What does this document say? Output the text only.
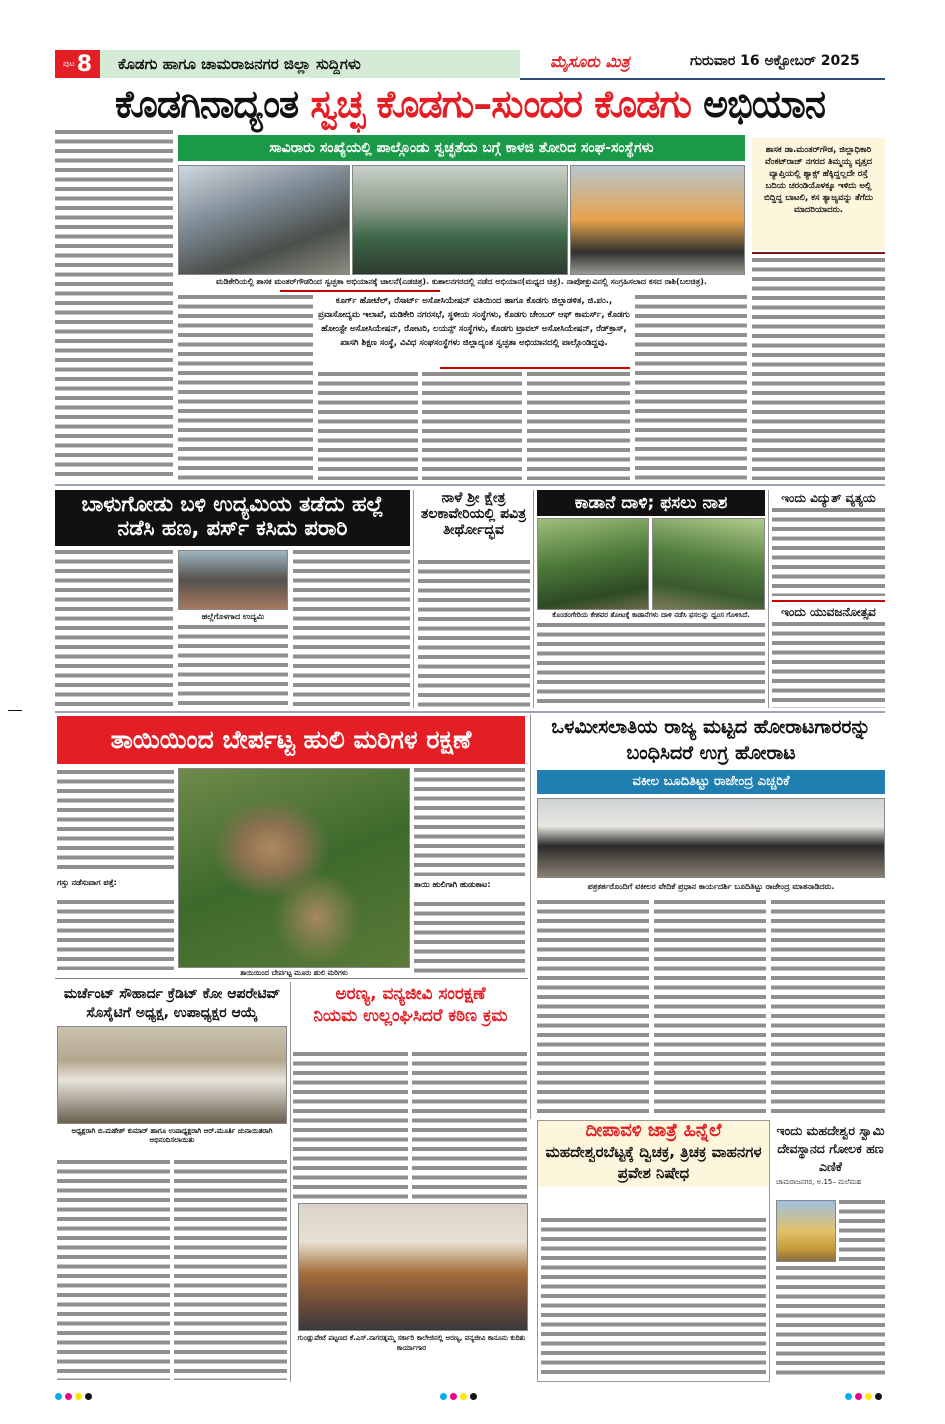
ಪುಟ 8	ಕೊಡಗು ಹಾಗೂ ಚಾಮರಾಜನಗರ ಜಿಲ್ಲಾ ಸುದ್ದಿಗಳು	ಮೈಸೂರು ಮಿತ್ರ	ಗುರುವಾರ 16 ಅಕ್ಟೋಬರ್ 2025
ಕೊಡಗಿನಾದ್ಯಂತ ಸ್ವಚ್ಛ ಕೊಡಗು–ಸುಂದರ ಕೊಡಗು ಅಭಿಯಾನ
ಸಾವಿರಾರು ಸಂಖ್ಯೆಯಲ್ಲಿ ಪಾಲ್ಗೊಂಡು ಸ್ವಚ್ಛತೆಯ ಬಗ್ಗೆ ಕಾಳಜಿ ತೋರಿದ ಸಂಘ-ಸಂಸ್ಥೆಗಳು
ಮಡಿಕೇರಿಯಲ್ಲಿ ಶಾಸಕ ಮಂತರ್‌ಗೌಡರಿಂದ ಸ್ವಚ್ಛತಾ ಅಭಿಯಾನಕ್ಕೆ ಚಾಲನೆ(ಎಡಚಿತ್ರ). ಕುಶಾಲನಗರದಲ್ಲಿ ನಡೆದ ಅಭಿಯಾನ(ಮಧ್ಯದ ಚಿತ್ರ). ನಾಪೋಕ್ಲುವಿನಲ್ಲಿ ಸಂಗ್ರಹಿಸಲಾದ ಕಸದ ರಾಶಿ(ಬಲಚಿತ್ರ).
ಶಾಸಕ ಡಾ.ಮಂತರ್‌ಗೌಡ, ಜಿಲ್ಲಾಧಿಕಾರಿ ವೆಂಕಟ್‌ರಾಜ್ ನಗರದ ತಿಮ್ಮಯ್ಯ ವೃತ್ತದ ವ್ಯಾಪ್ತಿಯಲ್ಲಿ ಶ್ಯಾಕ್ಸ್ ಹೆಕ್ಕಿದ್ದಲ್ಲದೇ ರಸ್ತೆ ಬದಿಯ ಚರಂಡಿಯೊಳಕ್ಕೂ ಇಳಿದು ಅಲ್ಲಿ ಬಿದ್ದಿದ್ದ ಬಾಟಲಿ, ಕಸ ತ್ಯಾಜ್ಯವನ್ನು ತೆಗೆದು ಮಾದರಿಯಾದರು.
ಕೂರ್ಗ್ ಹೋಟೆಲ್, ರೆಸಾರ್ಟ್ ಅಸೋಸಿಯೇಷನ್ ವತಿಯಿಂದ ಹಾಗೂ ಕೊಡಗು ಜಿಲ್ಲಾಡಳಿತ, ಜಿ.ಪಂ., ಪ್ರವಾಸೋದ್ಯಮ ಇಲಾಖೆ, ಮಡಿಕೇರಿ ನಗರಸಭೆ, ಸ್ಥಳೀಯ ಸಂಸ್ಥೆಗಳು, ಕೊಡಗು ಚೇಂಬರ್ ಆಫ್ ಕಾಮರ್ಸ್, ಕೊಡಗು ಹೋಂಸ್ಟೇ ಅಸೋಸಿಯೇಷನ್, ರೋಟರಿ, ಲಯನ್ಸ್ ಸಂಸ್ಥೆಗಳು, ಕೊಡಗು ಟ್ರಾವಲ್ ಅಸೋಸಿಯೇಷನ್, ರೆಡ್‌ಕ್ರಾಸ್, ಖಾಸಗಿ ಶಿಕ್ಷಣ ಸಂಸ್ಥೆ, ವಿವಿಧ ಸಂಘಸಂಸ್ಥೆಗಳು ಜಿಲ್ಲಾದ್ಯಂತ ಸ್ವಚ್ಛತಾ ಅಭಿಯಾನದಲ್ಲಿ ಪಾಲ್ಗೊಂಡಿದ್ದವು.
ಬಾಳುಗೋಡು ಬಳಿ ಉದ್ಯಮಿಯ ತಡೆದು ಹಲ್ಲೆ ನಡೆಸಿ ಹಣ, ಪರ್ಸ್ ಕಸಿದು ಪರಾರಿ
ಹಲ್ಲೆಗೊಳಗಾದ ಉದ್ಯಮಿ
ನಾಳೆ ಶ್ರೀ ಕ್ಷೇತ್ರ ತಲಕಾವೇರಿಯಲ್ಲಿ ಪವಿತ್ರ ತೀರ್ಥೋದ್ಭವ
ಕಾಡಾನೆ ದಾಳಿ; ಫಸಲು ನಾಶ
ಕೊಂಡಂಗೇರಿಯ ಕೇಶವರ ತೋಟಕ್ಕೆ ಕಾಡಾನೆಗಳು ದಾಳಿ ನಡೆಸಿ ಫಸಲನ್ನು ಧ್ವಂಸ ಗೊಳಿಸಿದೆ.
ಇಂದು ವಿದ್ಯುತ್ ವ್ಯತ್ಯಯ
ಇಂದು ಯುವಜನೋತ್ಸವ
ತಾಯಿಯಿಂದ ಬೇರ್ಪಟ್ಟ ಹುಲಿ ಮರಿಗಳ ರಕ್ಷಣೆ
ಗಸ್ತು ನಡೆಸುವಾಗ ಪತ್ತೆ:
ತಾಯಿಯಿಂದ ಬೇರ್ಪಟ್ಟ ಮೂರು ಹುಲಿ ಮರಿಗಳು
ತಾಯಿ ಹುಲಿಗಾಗಿ ಹುಡುಕಾಟ:
ಒಳಮೀಸಲಾತಿಯ ರಾಜ್ಯ ಮಟ್ಟದ ಹೋರಾಟಗಾರರನ್ನು ಬಂಧಿಸಿದರೆ ಉಗ್ರ ಹೋರಾಟ
ವಕೀಲ ಬೂದಿತಿಟ್ಟು ರಾಜೇಂದ್ರ ಎಚ್ಚರಿಕೆ
ಪತ್ರಕರ್ತರೊಂದಿಗೆ ವಕೀಲರ ವೇದಿಕೆ ಪ್ರಧಾನ ಕಾರ್ಯದರ್ಶಿ ಬೂದಿತಿಟ್ಟು ರಾಜೇಂದ್ರ ಮಾತನಾಡಿದರು.
ಮರ್ಚೆಂಟ್ ಸೌಹಾರ್ದ ಕ್ರೆಡಿಟ್ ಕೋ ಆಪರೇಟಿವ್ ಸೊಸೈಟಿಗೆ ಅಧ್ಯಕ್ಷ, ಉಪಾಧ್ಯಕ್ಷರ ಆಯ್ಕೆ
ಅಧ್ಯಕ್ಷರಾಗಿ ಬಿ.ಮಹೇಶ್ ಕುಮಾರ್ ಹಾಗೂ ಉಪಾಧ್ಯಕ್ಷರಾಗಿ ಆರ್.ಮೂರ್ತಿ ಚುನಾಯಿತರಾಗಿ ಅಭಿನಂದಿಸಲಾಯಿತು
ಅರಣ್ಯ, ವನ್ಯಜೀವಿ ಸಂರಕ್ಷಣೆ
ನಿಯಮ ಉಲ್ಲಂಘಿಸಿದರೆ ಕಠಿಣ ಕ್ರಮ
ಗುಂಡ್ಲುಪೇಟೆ ಪಟ್ಟಣದ ಕೆ.ಎಸ್.ನಾಗರತ್ನಮ್ಮ ಸರ್ಕಾರಿ ಕಾಲೇಜಿನಲ್ಲಿ ಅರಣ್ಯ, ವನ್ಯಜೀವಿ ಕಾನೂನು ಕುರಿತು ಕಾರ್ಯಾಗಾರ
ದೀಪಾವಳಿ ಜಾತ್ರೆ ಹಿನ್ನೆಲೆ
ಮಹದೇಶ್ವರಬೆಟ್ಟಕ್ಕೆ ದ್ವಿಚಕ್ರ, ತ್ರಿಚಕ್ರ ವಾಹನಗಳ ಪ್ರವೇಶ ನಿಷೇಧ
ಇಂದು ಮಹದೇಶ್ವರ ಸ್ವಾಮಿ ದೇವಸ್ಥಾನದ ಗೋಲಕ ಹಣ ಎಣಿಕೆ
ಚಾಮರಾಜನಗರ, ಅ.15– ಮಲೆಮಹ
